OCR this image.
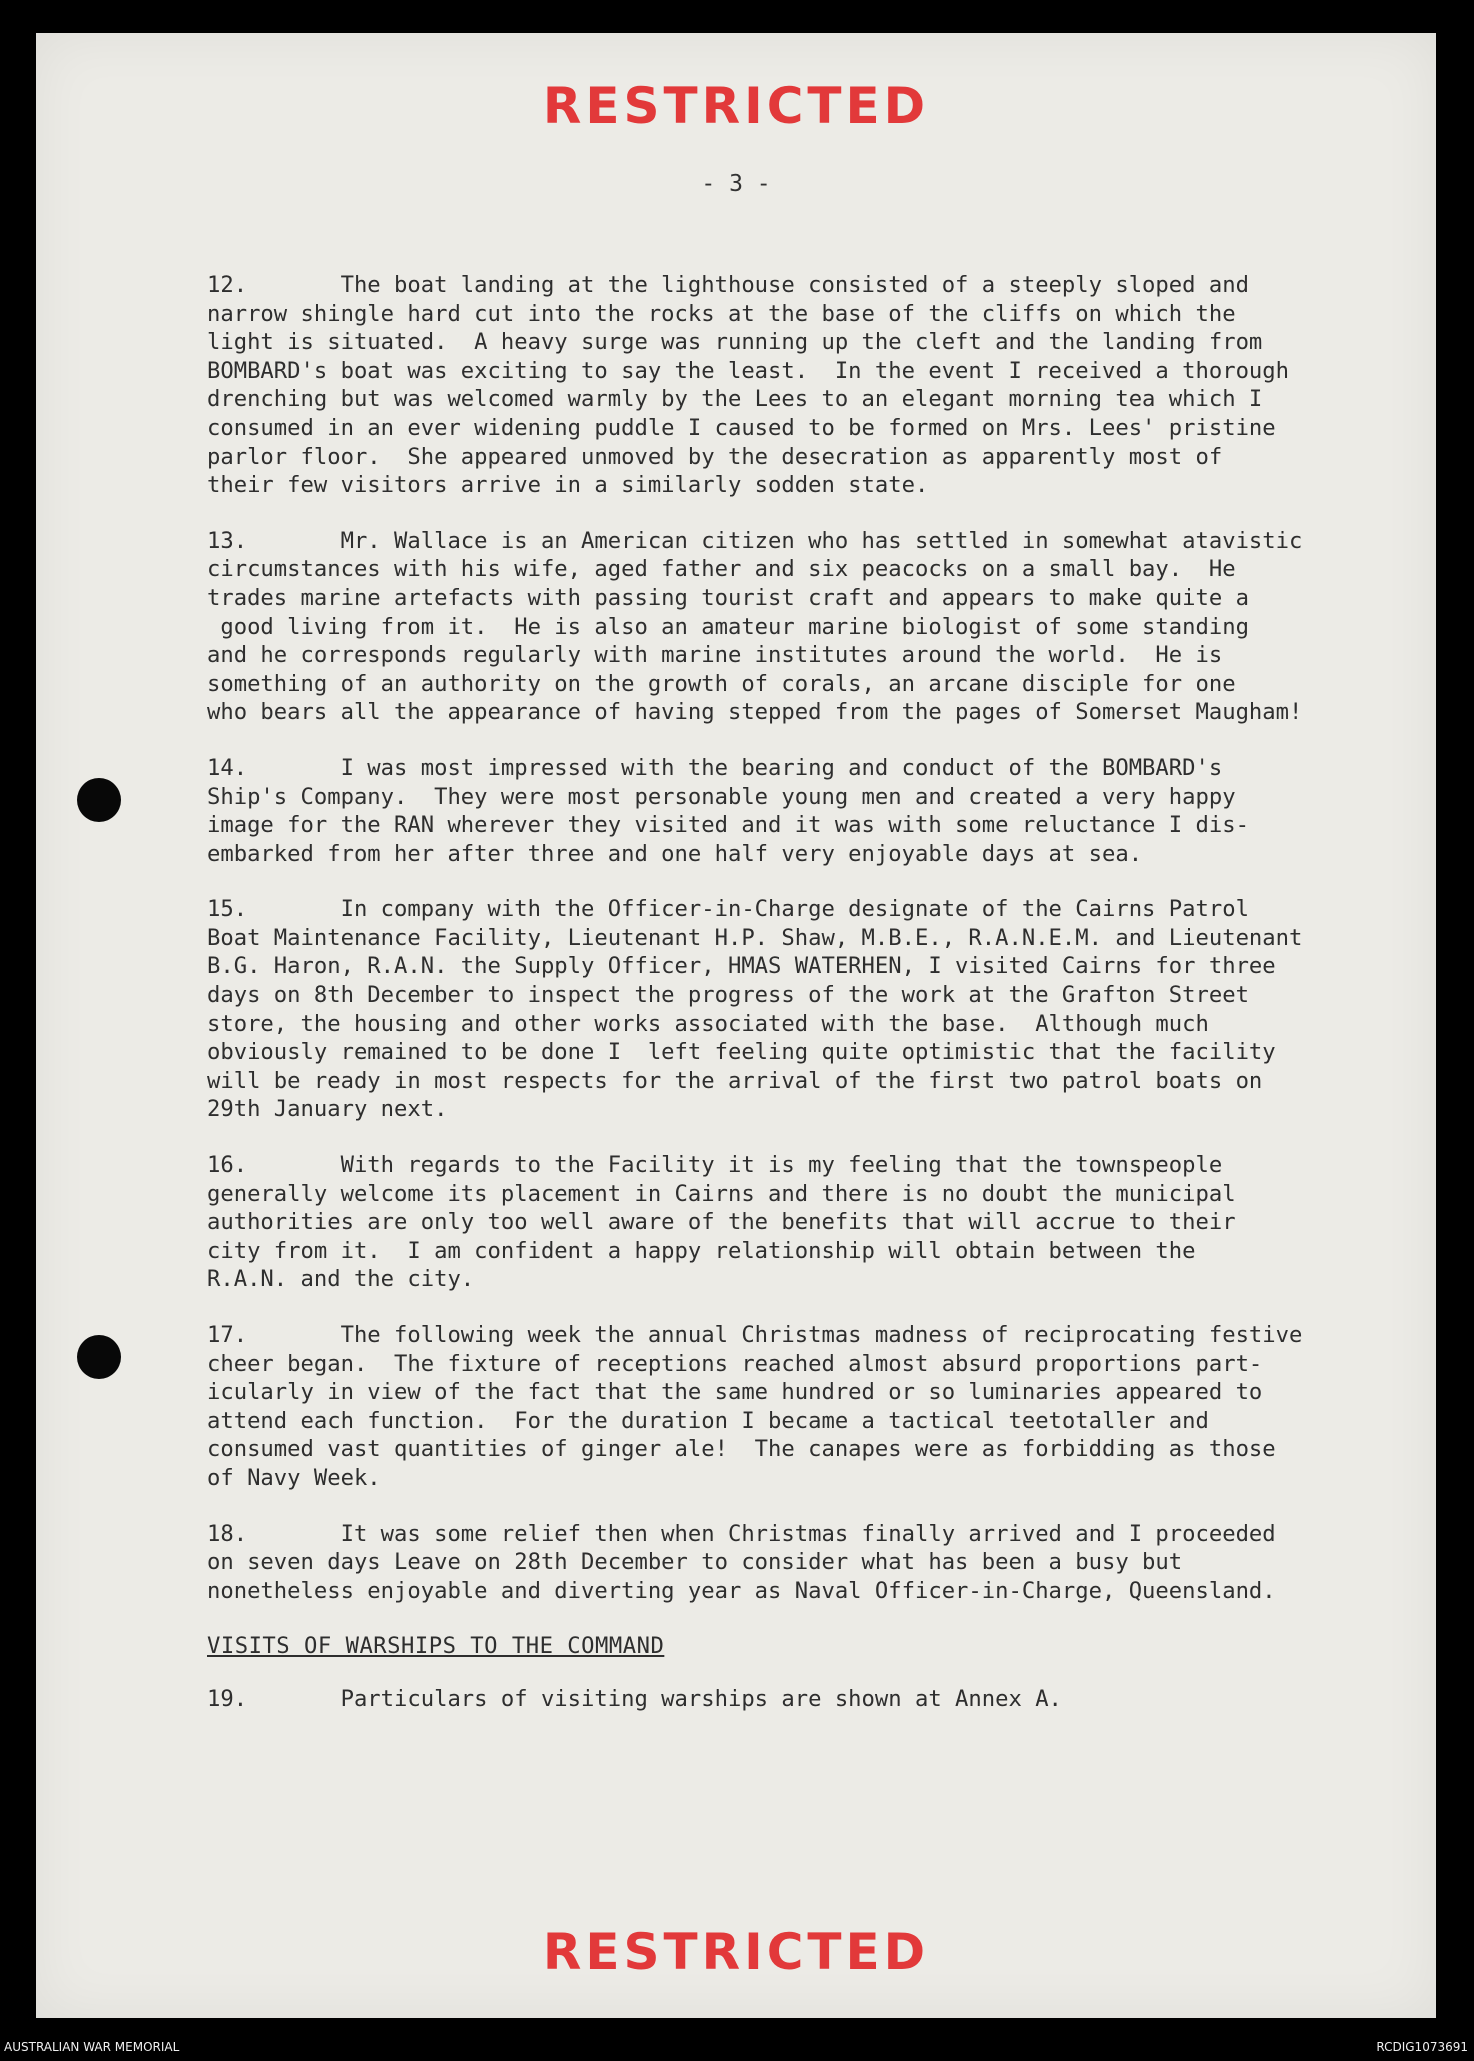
RESTRICTED
- 3 -
12.       The boat landing at the lighthouse consisted of a steeply sloped and
narrow shingle hard cut into the rocks at the base of the cliffs on which the
light is situated.  A heavy surge was running up the cleft and the landing from
BOMBARD's boat was exciting to say the least.  In the event I received a thorough
drenching but was welcomed warmly by the Lees to an elegant morning tea which I
consumed in an ever widening puddle I caused to be formed on Mrs. Lees' pristine
parlor floor.  She appeared unmoved by the desecration as apparently most of
their few visitors arrive in a similarly sodden state.
13.       Mr. Wallace is an American citizen who has settled in somewhat atavistic
circumstances with his wife, aged father and six peacocks on a small bay.  He
trades marine artefacts with passing tourist craft and appears to make quite a
good living from it.  He is also an amateur marine biologist of some standing
and he corresponds regularly with marine institutes around the world.  He is
something of an authority on the growth of corals, an arcane disciple for one
who bears all the appearance of having stepped from the pages of Somerset Maugham!
14.       I was most impressed with the bearing and conduct of the BOMBARD's
Ship's Company.  They were most personable young men and created a very happy
image for the RAN wherever they visited and it was with some reluctance I dis-
embarked from her after three and one half very enjoyable days at sea.
15.       In company with the Officer-in-Charge designate of the Cairns Patrol
Boat Maintenance Facility, Lieutenant H.P. Shaw, M.B.E., R.A.N.E.M. and Lieutenant
B.G. Haron, R.A.N. the Supply Officer, HMAS WATERHEN, I visited Cairns for three
days on 8th December to inspect the progress of the work at the Grafton Street
store, the housing and other works associated with the base.  Although much
obviously remained to be done I  left feeling quite optimistic that the facility
will be ready in most respects for the arrival of the first two patrol boats on
29th January next.
16.       With regards to the Facility it is my feeling that the townspeople
generally welcome its placement in Cairns and there is no doubt the municipal
authorities are only too well aware of the benefits that will accrue to their
city from it.  I am confident a happy relationship will obtain between the
R.A.N. and the city.
17.       The following week the annual Christmas madness of reciprocating festive
cheer began.  The fixture of receptions reached almost absurd proportions part-
icularly in view of the fact that the same hundred or so luminaries appeared to
attend each function.  For the duration I became a tactical teetotaller and
consumed vast quantities of ginger ale!  The canapes were as forbidding as those
of Navy Week.
18.       It was some relief then when Christmas finally arrived and I proceeded
on seven days Leave on 28th December to consider what has been a busy but
nonetheless enjoyable and diverting year as Naval Officer-in-Charge, Queensland.
VISITS OF WARSHIPS TO THE COMMAND
19.       Particulars of visiting warships are shown at Annex A.
RESTRICTED
AUSTRALIAN WAR MEMORIAL	RCDIG1073691
